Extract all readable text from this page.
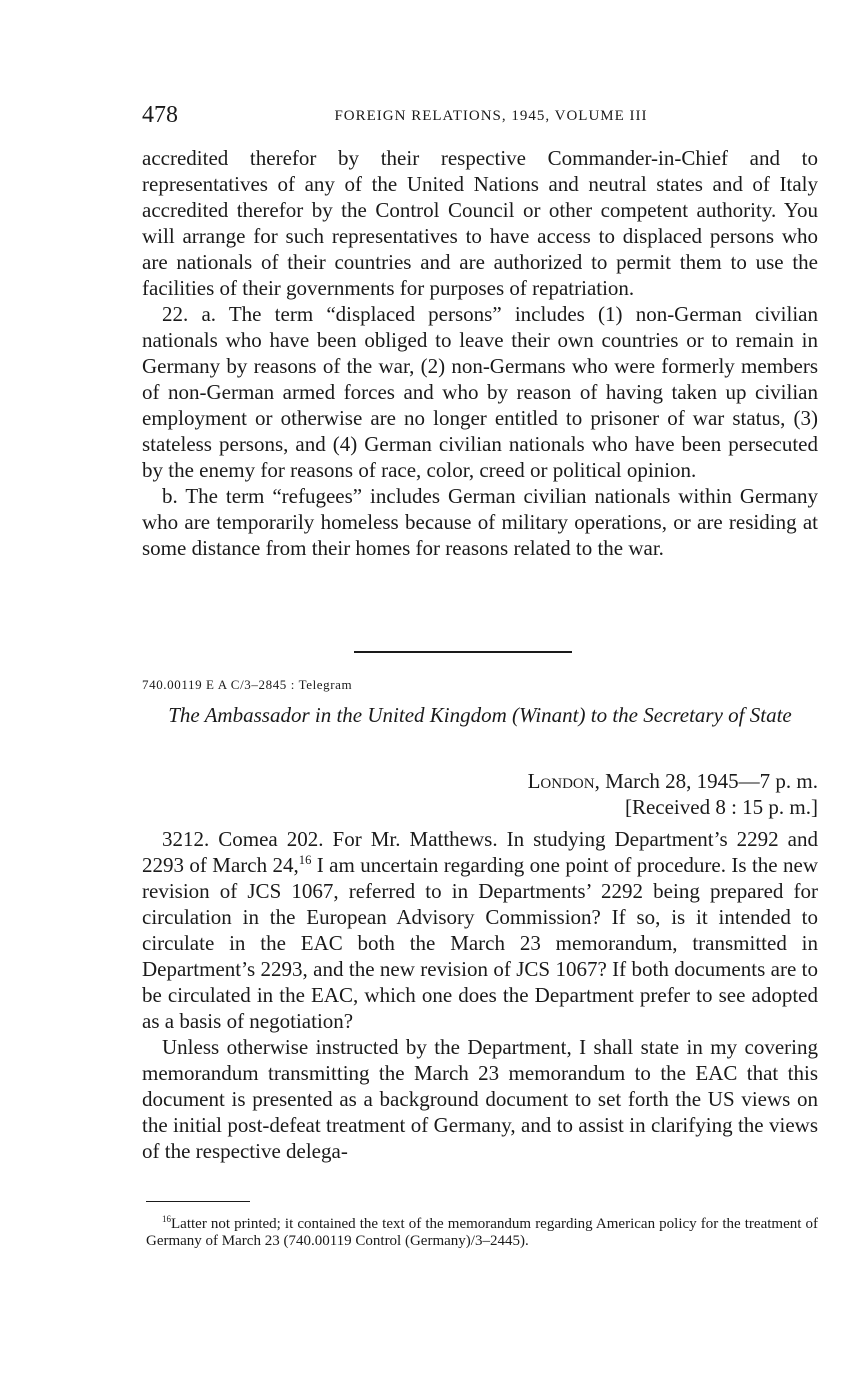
478	FOREIGN RELATIONS, 1945, VOLUME III

accredited therefor by their respective Commander-in-Chief and to representatives of any of the United Nations and neutral states and of Italy accredited therefor by the Control Council or other competent authority. You will arrange for such representatives to have access to displaced persons who are nationals of their countries and are authorized to permit them to use the facilities of their governments for purposes of repatriation.

22. a. The term “displaced persons” includes (1) non-German civilian nationals who have been obliged to leave their own countries or to remain in Germany by reasons of the war, (2) non-Germans who were formerly members of non-German armed forces and who by reason of having taken up civilian employment or otherwise are no longer entitled to prisoner of war status, (3) stateless persons, and (4) German civilian nationals who have been persecuted by the enemy for reasons of race, color, creed or political opinion.

b. The term “refugees” includes German civilian nationals within Germany who are temporarily homeless because of military operations, or are residing at some distance from their homes for reasons related to the war.

740.00119 E A C/3–2845 : Telegram
The Ambassador in the United Kingdom (Winant) to the Secretary of State
London, March 28, 1945—7 p. m.
[Received 8 : 15 p. m.]

3212. Comea 202. For Mr. Matthews. In studying Department’s 2292 and 2293 of March 24,16 I am uncertain regarding one point of procedure. Is the new revision of JCS 1067, referred to in Departments’ 2292 being prepared for circulation in the European Advisory Commission? If so, is it intended to circulate in the EAC both the March 23 memorandum, transmitted in Department’s 2293, and the new revision of JCS 1067? If both documents are to be circulated in the EAC, which one does the Department prefer to see adopted as a basis of negotiation?

Unless otherwise instructed by the Department, I shall state in my covering memorandum transmitting the March 23 memorandum to the EAC that this document is presented as a background document to set forth the US views on the initial post-defeat treatment of Germany, and to assist in clarifying the views of the respective delega-

$^{16}$Latter not printed; it contained the text of the memorandum regarding American policy for the treatment of Germany of March 23 (740.00119 Control (Germany)/3–2445).
